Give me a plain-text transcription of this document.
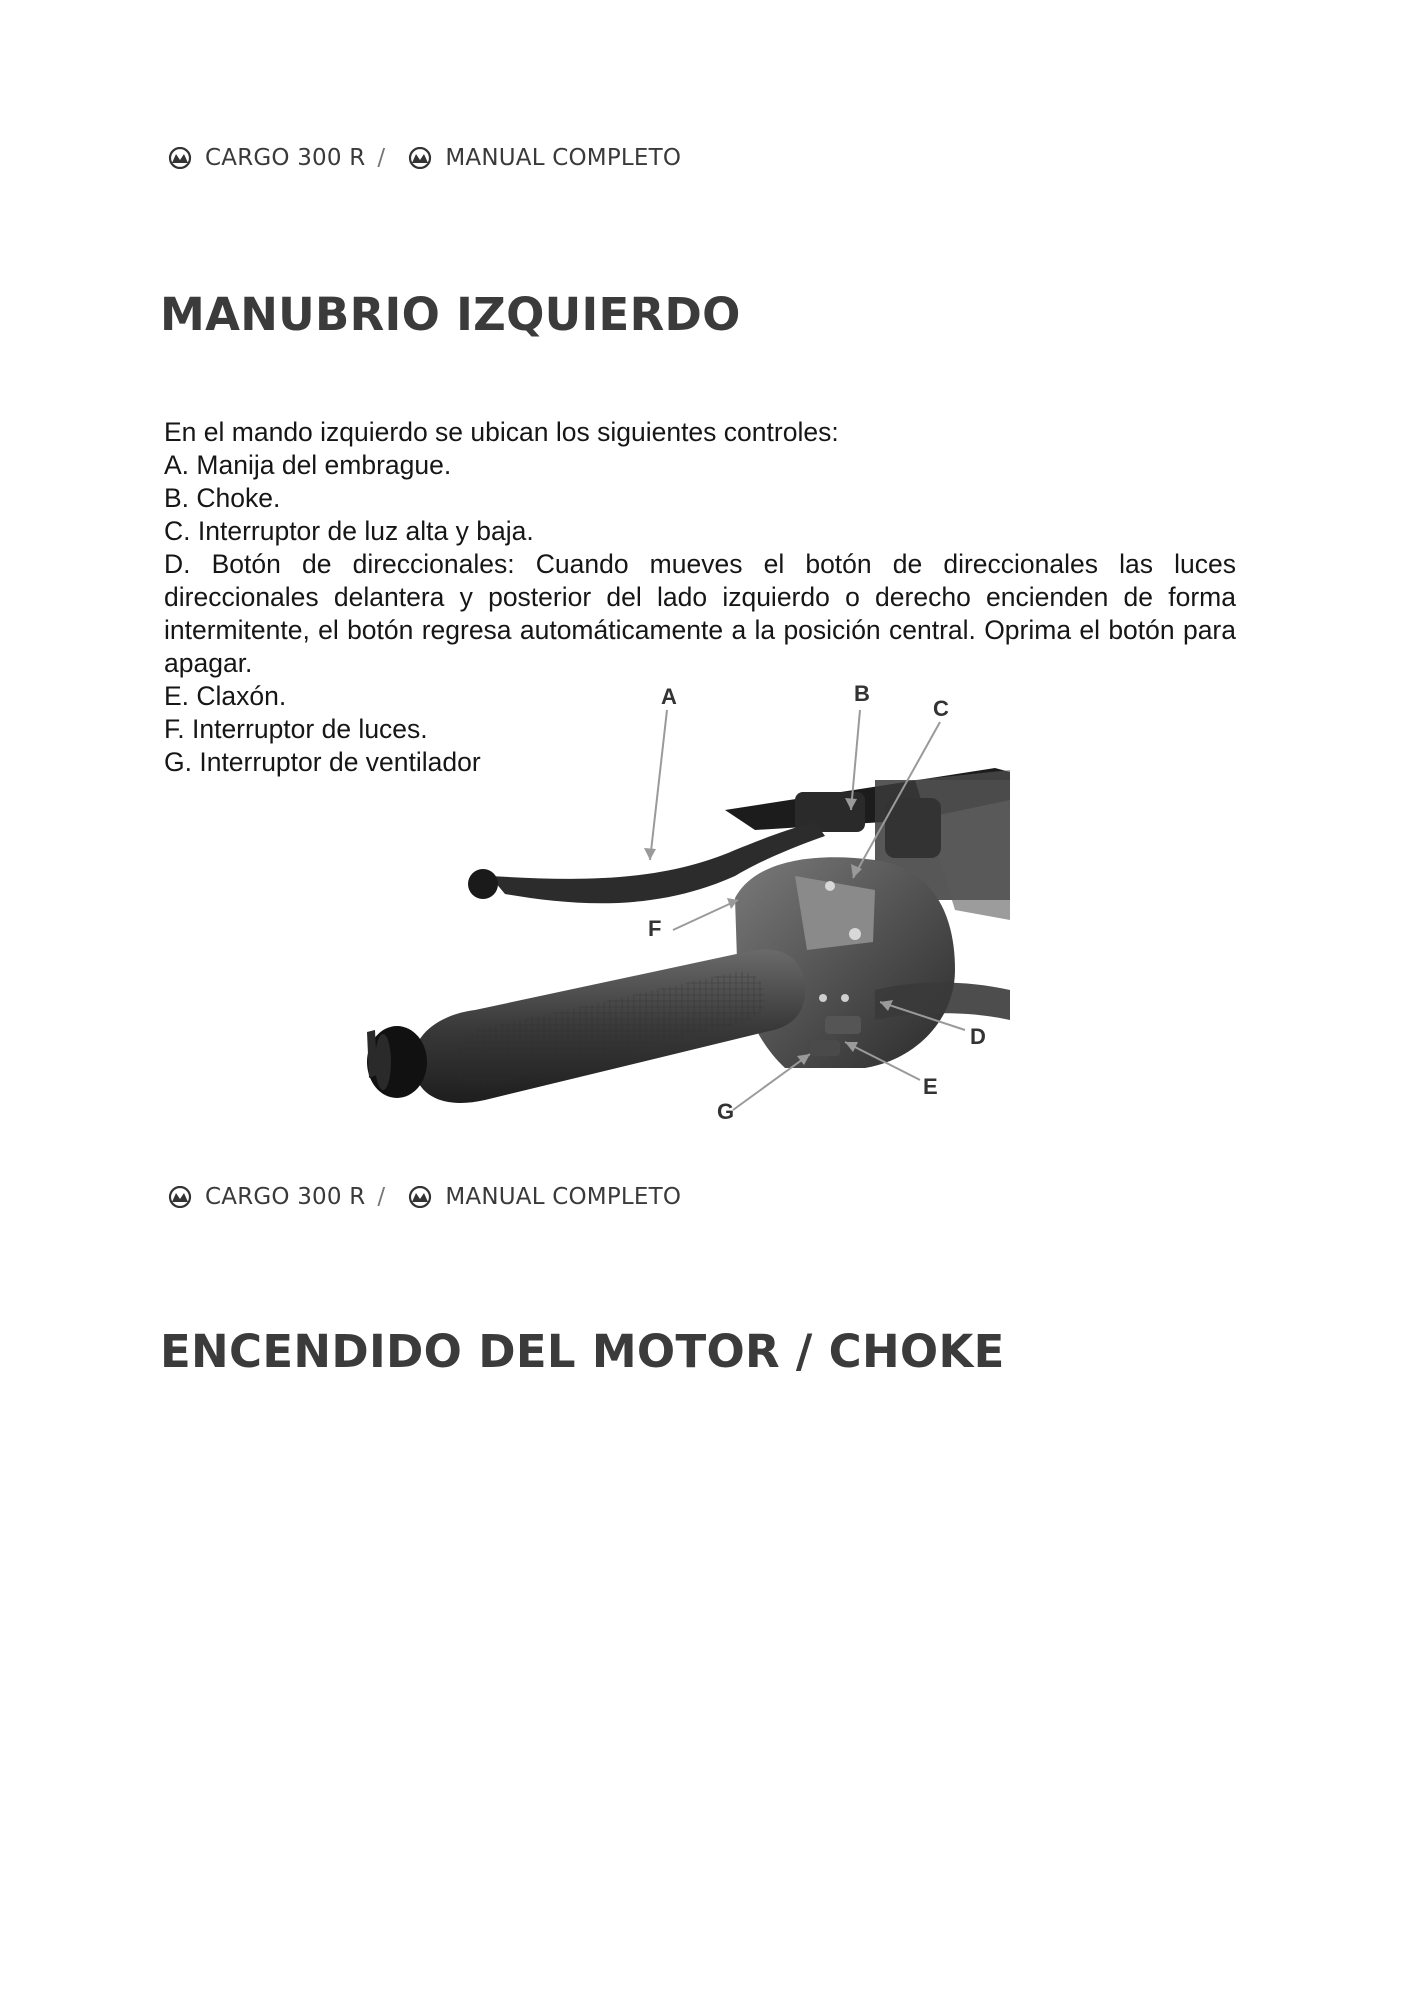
CARGO 300 R /	MANUAL COMPLETO
MANUBRIO IZQUIERDO
En el mando izquierdo se ubican los siguientes controles:
A. Manija del embrague.
B. Choke.
C. Interruptor de luz alta y baja.
D. Botón de direccionales: Cuando mueves el botón de direccionales las luces direccionales delantera y posterior del lado izquierdo o derecho encienden de forma intermitente, el botón regresa automáticamente a la posición central. Oprima el botón para apagar.
E. Claxón.
F. Interruptor de luces.
G. Interruptor de ventilador
A	B
C
D
E
F
G
CARGO 300 R /	MANUAL COMPLETO
ENCENDIDO DEL MOTOR / CHOKE
